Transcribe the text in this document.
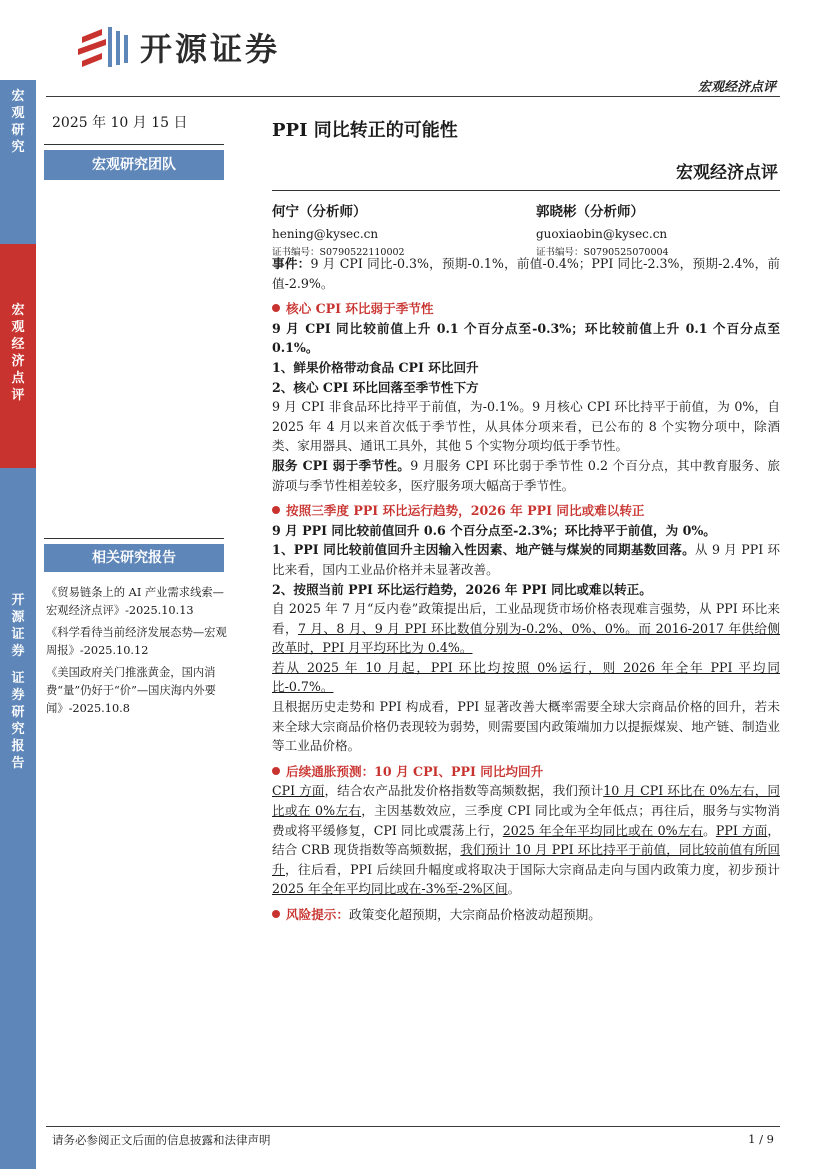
宏
观
研
究
宏
观
经
济
点
评
开
源
证
券
证
券
研
究
报
告
开源证券
宏观经济点评
2025 年 10 月 15 日	PPI 同比转正的可能性
宏观研究团队	宏观经济点评
何宁（分析师）
hening@kysec.cn
证书编号：S0790522110002
郭晓彬（分析师）
guoxiaobin@kysec.cn
证书编号：S0790525070004
相关研究报告
《贸易链条上的 AI 产业需求线索—宏观经济点评》-2025.10.13
《科学看待当前经济发展态势—宏观周报》-2025.10.12
《美国政府关门推涨黄金，国内消费“量”仍好于“价”—国庆海内外要闻》-2025.10.8

事件：9 月 CPI 同比-0.3%，预期-0.1%，前值-0.4%；PPI 同比-2.3%，预期-2.4%，前值-2.9%。

核心 CPI 环比弱于季节性

9 月 CPI 同比较前值上升 0.1 个百分点至-0.3%；环比较前值上升 0.1 个百分点至 0.1%。

1、鲜果价格带动食品 CPI 环比回升

2、核心 CPI 环比回落至季节性下方

9 月 CPI 非食品环比持平于前值，为-0.1%。9 月核心 CPI 环比持平于前值，为 0%，自 2025 年 4 月以来首次低于季节性，从具体分项来看，已公布的 8 个实物分项中，除酒类、家用器具、通讯工具外，其他 5 个实物分项均低于季节性。

服务 CPI 弱于季节性。9 月服务 CPI 环比弱于季节性 0.2 个百分点，其中教育服务、旅游项与季节性相差较多，医疗服务项大幅高于季节性。

按照三季度 PPI 环比运行趋势，2026 年 PPI 同比或难以转正

9 月 PPI 同比较前值回升 0.6 个百分点至-2.3%；环比持平于前值，为 0%。

1、PPI 同比较前值回升主因输入性因素、地产链与煤炭的同期基数回落。从 9 月 PPI 环比来看，国内工业品价格并未显著改善。

2、按照当前 PPI 环比运行趋势，2026 年 PPI 同比或难以转正。

自 2025 年 7 月“反内卷”政策提出后，工业品现货市场价格表现难言强势，从 PPI 环比来看，7 月、8 月、9 月 PPI 环比数值分别为-0.2%、0%、0%。而 2016-2017 年供给侧改革时，PPI 月平均环比为 0.4%。

若从 2025 年 10 月起，PPI 环比均按照 0%运行，则 2026 年全年 PPI 平均同比-0.7%。

且根据历史走势和 PPI 构成看，PPI 显著改善大概率需要全球大宗商品价格的回升，若未来全球大宗商品价格仍表现较为弱势，则需要国内政策端加力以提振煤炭、地产链、制造业等工业品价格。

后续通胀预测：10 月 CPI、PPI 同比均回升

CPI 方面，结合农产品批发价格指数等高频数据，我们预计10 月 CPI 环比在 0%左右，同比或在 0%左右，主因基数效应，三季度 CPI 同比或为全年低点；再往后，服务与实物消费或将平缓修复，CPI 同比或震荡上行，2025 年全年平均同比或在 0%左右。PPI 方面，结合 CRB 现货指数等高频数据，我们预计 10 月 PPI 环比持平于前值，同比较前值有所回升，往后看，PPI 后续回升幅度或将取决于国际大宗商品走向与国内政策力度，初步预计2025 年全年平均同比或在-3%至-2%区间。

风险提示：政策变化超预期，大宗商品价格波动超预期。

请务必参阅正文后面的信息披露和法律声明	1 / 9
